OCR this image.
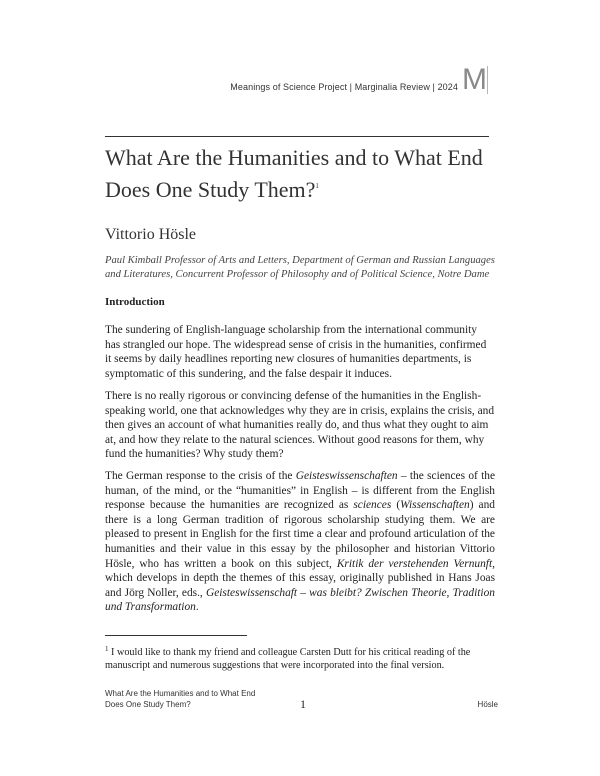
Meanings of Science Project | Marginalia Review | 2024 M
What Are the Humanities and to What End Does One Study Them?$^1$
Vittorio Hösle
Paul Kimball Professor of Arts and Letters, Department of German and Russian Languages and Literatures, Concurrent Professor of Philosophy and of Political Science, Notre Dame
Introduction
The sundering of English-language scholarship from the international community has strangled our hope. The widespread sense of crisis in the humanities, confirmed it seems by daily headlines reporting new closures of humanities departments, is symptomatic of this sundering, and the false despair it induces.
There is no really rigorous or convincing defense of the humanities in the English-speaking world, one that acknowledges why they are in crisis, explains the crisis, and then gives an account of what humanities really do, and thus what they ought to aim at, and how they relate to the natural sciences. Without good reasons for them, why fund the humanities? Why study them?
The German response to the crisis of the Geisteswissenschaften – the sciences of the human, of the mind, or the “humanities” in English – is different from the English response because the humanities are recognized as sciences (Wissenschaften) and there is a long German tradition of rigorous scholarship studying them. We are pleased to present in English for the first time a clear and profound articulation of the humanities and their value in this essay by the philosopher and historian Vittorio Hösle, who has written a book on this subject, Kritik der verstehenden Vernunft, which develops in depth the themes of this essay, originally published in Hans Joas and Jörg Noller, eds., Geisteswissenschaft – was bleibt? Zwischen Theorie, Tradition und Transformation.
$^1$ I would like to thank my friend and colleague Carsten Dutt for his critical reading of the manuscript and numerous suggestions that were incorporated into the final version.
What Are the Humanities and to What End
Does One Study Them?	1	Hösle
